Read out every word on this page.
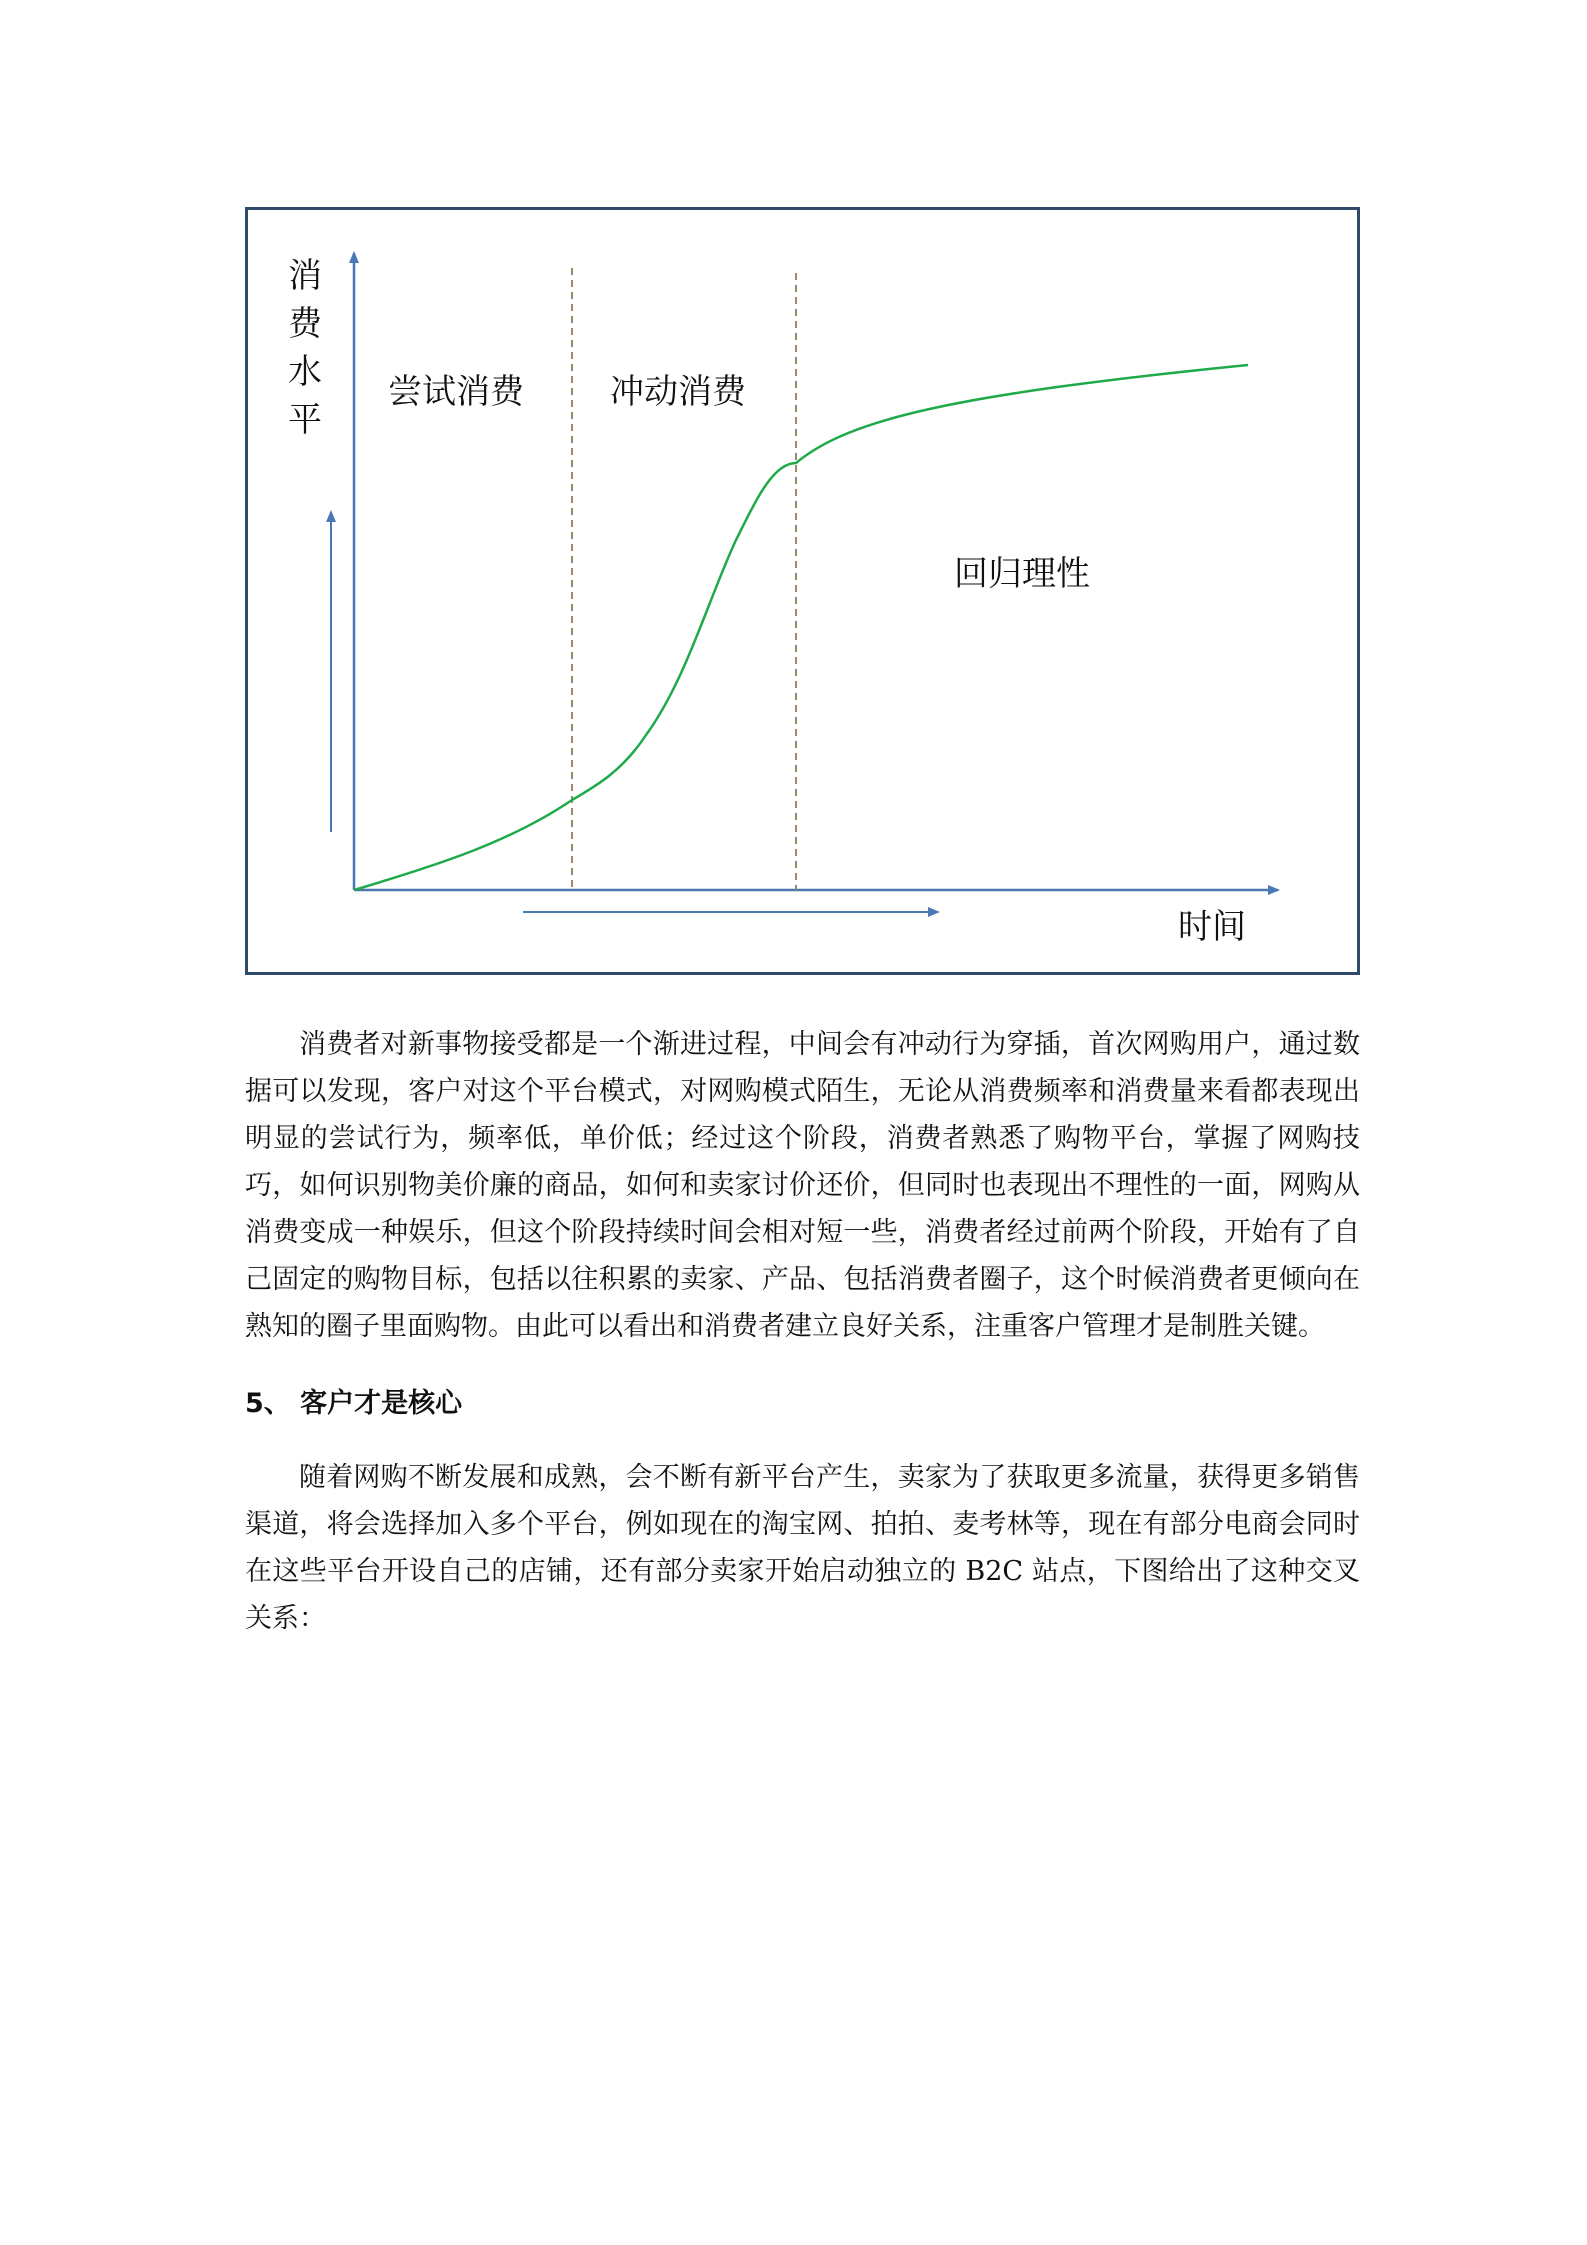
消
费
水
平
时间
尝试消费	冲动消费
回归理性

消费者对新事物接受都是一个渐进过程，中间会有冲动行为穿插，首次网购用户，通过数据可以发现，客户对这个平台模式，对网购模式陌生，无论从消费频率和消费量来看都表现出明显的尝试行为，频率低，单价低；经过这个阶段，消费者熟悉了购物平台，掌握了网购技巧，如何识别物美价廉的商品，如何和卖家讨价还价，但同时也表现出不理性的一面，网购从消费变成一种娱乐，但这个阶段持续时间会相对短一些，消费者经过前两个阶段，开始有了自己固定的购物目标，包括以往积累的卖家、产品、包括消费者圈子，这个时候消费者更倾向在熟知的圈子里面购物。由此可以看出和消费者建立良好关系，注重客户管理才是制胜关键。

5、 客户才是核心

随着网购不断发展和成熟，会不断有新平台产生，卖家为了获取更多流量，获得更多销售渠道，将会选择加入多个平台，例如现在的淘宝网、拍拍、麦考林等，现在有部分电商会同时在这些平台开设自己的店铺，还有部分卖家开始启动独立的 B2C 站点，下图给出了这种交叉关系：
